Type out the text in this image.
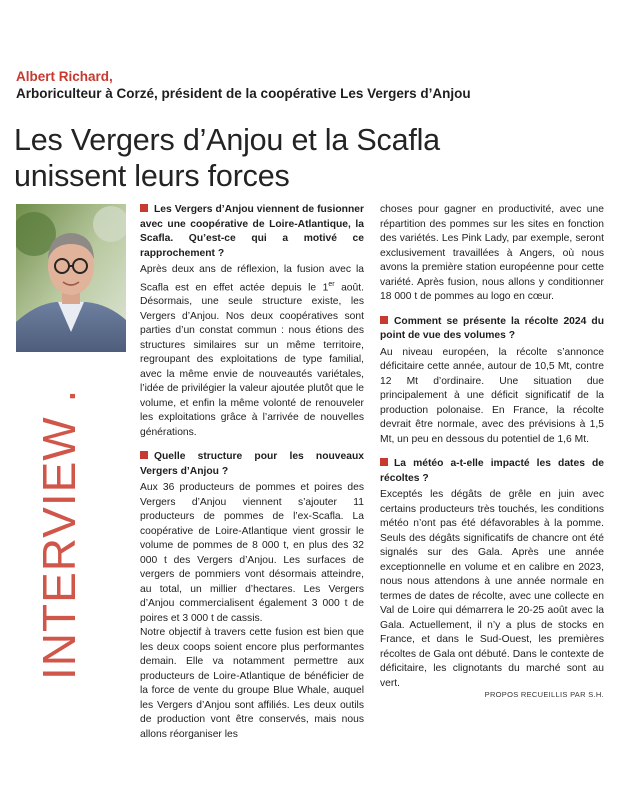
Albert Richard,
Arboriculteur à Corzé, président de la coopérative Les Vergers d’Anjou
Les Vergers d’Anjou et la Scafla
unissent leurs forces
INTERVIEW .
Les Vergers d’Anjou viennent de fusionner avec une coopérative de Loire-Atlantique, la Scafla. Qu’est-ce qui a motivé ce rapprochement ?

Après deux ans de réflexion, la fusion avec la Scafla est en effet actée depuis le 1er août. Désormais, une seule structure existe, les Vergers d’Anjou. Nos deux coopératives sont parties d’un constat commun : nous étions des structures similaires sur un même territoire, regroupant des exploitations de type familial, avec la même envie de nouveautés variétales, l’idée de privilégier la valeur ajoutée plutôt que le volume, et enfin la même volonté de renouveler les exploitations grâce à l’arrivée de nouvelles générations.

Quelle structure pour les nouveaux Vergers d’Anjou ?

Aux 36 producteurs de pommes et poires des Vergers d’Anjou viennent s’ajouter 11 producteurs de pommes de l’ex-Scafla. La coopérative de Loire-Atlantique vient grossir le volume de pommes de 8 000 t, en plus des 32 000 t des Vergers d’Anjou. Les surfaces de vergers de pommiers vont désormais atteindre, au total, un millier d’hectares. Les Vergers d’Anjou commercialisent également 3 000 t de poires et 3 000 t de cassis.

Notre objectif à travers cette fusion est bien que les deux coops soient encore plus performantes demain. Elle va notamment permettre aux producteurs de Loire-Atlantique de bénéficier de la force de vente du groupe Blue Whale, auquel les Vergers d’Anjou sont affiliés. Les deux outils de production vont être conservés, mais nous allons réorganiser les

choses pour gagner en productivité, avec une répartition des pommes sur les sites en fonction des variétés. Les Pink Lady, par exemple, seront exclusivement travaillées à Angers, où nous avons la première station européenne pour cette variété. Après fusion, nous allons y conditionner 18 000 t de pommes au logo en cœur.

Comment se présente la récolte 2024 du point de vue des volumes ?

Au niveau européen, la récolte s’annonce déficitaire cette année, autour de 10,5 Mt, contre 12 Mt d’ordinaire. Une situation due principalement à une déficit significatif de la production polonaise. En France, la récolte devrait être normale, avec des prévisions à 1,5 Mt, un peu en dessous du potentiel de 1,6 Mt.

La météo a-t-elle impacté les dates de récoltes ?

Exceptés les dégâts de grêle en juin avec certains producteurs très touchés, les conditions météo n’ont pas été défavorables à la pomme. Seuls des dégâts significatifs de chancre ont été signalés sur des Gala. Après une année exceptionnelle en volume et en calibre en 2023, nous nous attendons à une année normale en termes de dates de récolte, avec une collecte en Val de Loire qui démarrera le 20-25 août avec la Gala. Actuellement, il n’y a plus de stocks en France, et dans le Sud-Ouest, les premières récoltes de Gala ont débuté. Dans le contexte de déficitaire, les clignotants du marché sont au vert.

PROPOS RECUEILLIS PAR S.H.
